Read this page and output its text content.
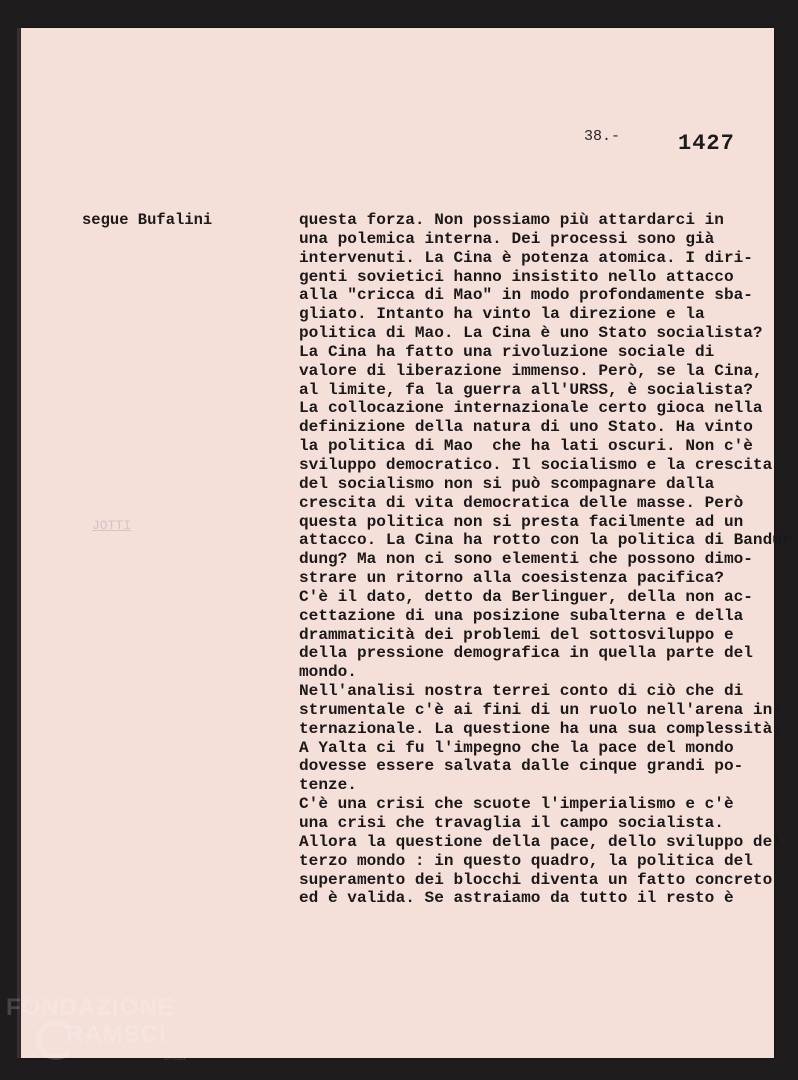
38.-	1427
segue Bufalini
JOTTI
questa forza. Non possiamo più attardarci in
una polemica interna. Dei processi sono già
intervenuti. La Cina è potenza atomica. I diri-
genti sovietici hanno insistito nello attacco
alla "cricca di Mao" in modo profondamente sba-
gliato. Intanto ha vinto la direzione e la
politica di Mao. La Cina è uno Stato socialista?
La Cina ha fatto una rivoluzione sociale di
valore di liberazione immenso. Però, se la Cina,
al limite, fa la guerra all'URSS, è socialista?
La collocazione internazionale certo gioca nella
definizione della natura di uno Stato. Ha vinto
la politica di Mao  che ha lati oscuri. Non c'è
sviluppo democratico. Il socialismo e la crescita
del socialismo non si può scompagnare dalla
crescita di vita democratica delle masse. Però
questa politica non si presta facilmente ad un
attacco. La Cina ha rotto con la politica di Bandur
dung? Ma non ci sono elementi che possono dimo-
strare un ritorno alla coesistenza pacifica?
C'è il dato, detto da Berlinguer, della non ac-
cettazione di una posizione subalterna e della
drammaticità dei problemi del sottosviluppo e
della pressione demografica in quella parte del
mondo.
Nell'analisi nostra terrei conto di ciò che di
strumentale c'è ai fini di un ruolo nell'arena in-
ternazionale. La questione ha una sua complessità.
A Yalta ci fu l'impegno che la pace del mondo
dovesse essere salvata dalle cinque grandi po-
tenze.
C'è una crisi che scuote l'imperialismo e c'è
una crisi che travaglia il campo socialista.
Allora la questione della pace, dello sviluppo del
terzo mondo : in questo quadro, la politica del
superamento dei blocchi diventa un fatto concreto
ed è valida. Se astraiamo da tutto il resto è
FONDAZIONE
RAMSCI
onlus
